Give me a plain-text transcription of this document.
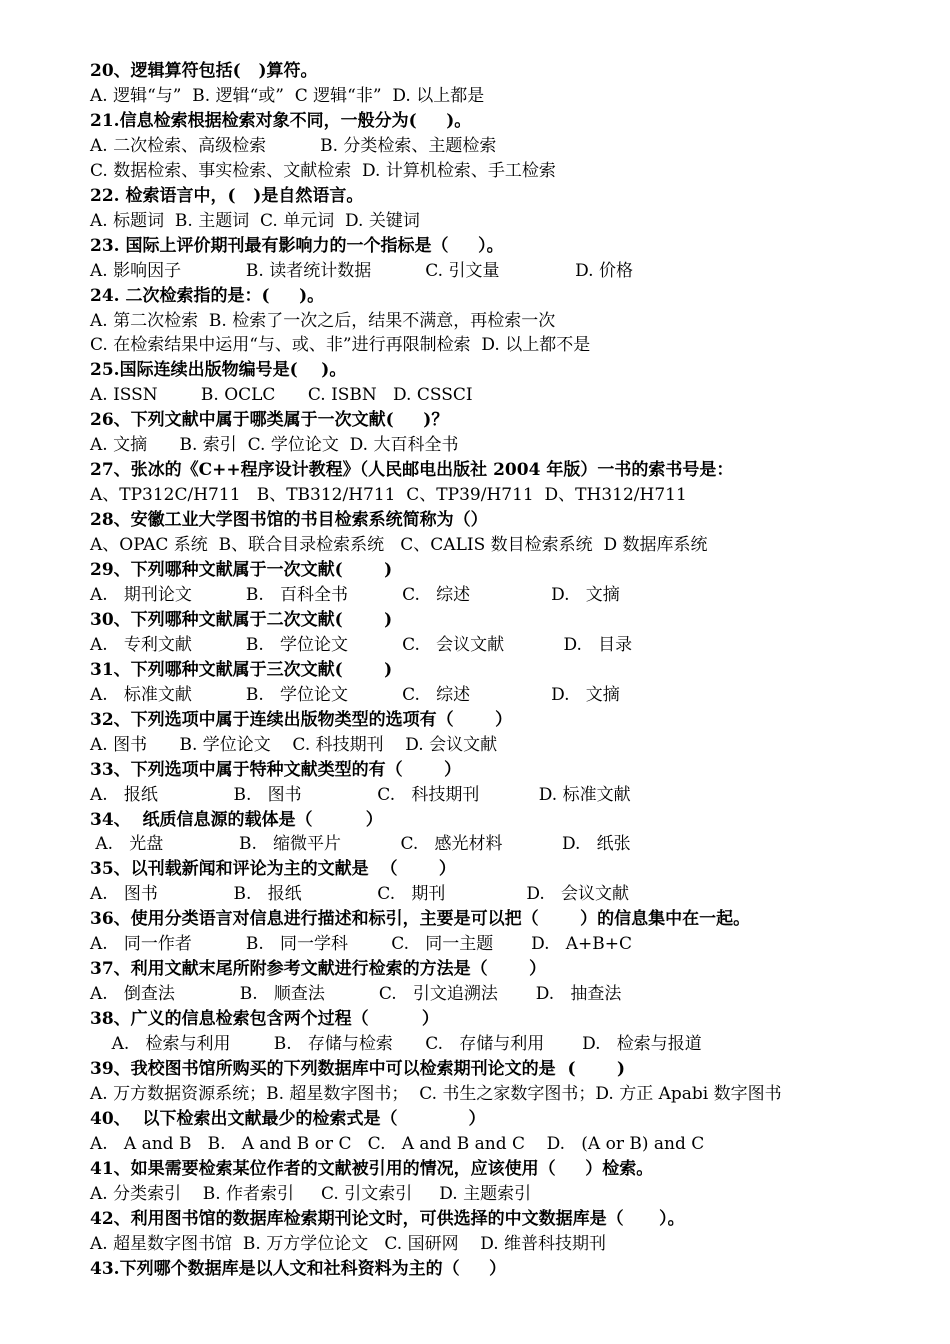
20、逻辑算符包括(   )算符。
A. 逻辑“与”  B. 逻辑“或”  C 逻辑“非”  D. 以上都是
21.信息检索根据检索对象不同，一般分为(     )。
A. 二次检索、高级检索          B. 分类检索、主题检索
C. 数据检索、事实检索、文献检索  D. 计算机检索、手工检索
22. 检索语言中，(   )是自然语言。
A. 标题词  B. 主题词  C. 单元词  D. 关键词
23. 国际上评价期刊最有影响力的一个指标是（     ）。
A. 影响因子            B. 读者统计数据          C. 引文量              D. 价格
24. 二次检索指的是：(     )。
A. 第二次检索  B. 检索了一次之后，结果不满意，再检索一次
C. 在检索结果中运用“与、或、非”进行再限制检索  D. 以上都不是
25.国际连续出版物编号是(    )。
A. ISSN        B. OCLC      C. ISBN   D. CSSCI
26、下列文献中属于哪类属于一次文献(     )？
A. 文摘      B. 索引  C. 学位论文  D. 大百科全书
27、张冰的《C++程序设计教程》（人民邮电出版社 2004 年版）一书的索书号是：
A、TP312C/H711   B、TB312/H711  C、TP39/H711  D、TH312/H711
28、安徽工业大学图书馆的书目检索系统简称为（）
A、OPAC 系统  B、联合目录检索系统   C、CALIS 数目检索系统  D 数据库系统
29、下列哪种文献属于一次文献(       )
A.   期刊论文          B.   百科全书          C.   综述               D.   文摘
30、下列哪种文献属于二次文献(       )
A.   专利文献          B.   学位论文          C.   会议文献           D.   目录
31、下列哪种文献属于三次文献(       )
A.   标准文献          B.   学位论文          C.   综述               D.   文摘
32、下列选项中属于连续出版物类型的选项有（       ）
A. 图书      B. 学位论文    C. 科技期刊    D. 会议文献
33、下列选项中属于特种文献类型的有（       ）
A.   报纸              B.   图书              C.   科技期刊           D. 标准文献
34、  纸质信息源的载体是（         ）
A.   光盘              B.   缩微平片           C.   感光材料           D.   纸张
35、以刊载新闻和评论为主的文献是  （       ）
A.   图书              B.   报纸              C.   期刊               D.   会议文献
36、使用分类语言对信息进行描述和标引，主要是可以把（       ）的信息集中在一起。
A.   同一作者          B.   同一学科        C.   同一主题       D.   A+B+C
37、利用文献末尾所附参考文献进行检索的方法是（       ）
A.   倒查法            B.   顺查法          C.   引文追溯法       D.   抽查法
38、广义的信息检索包含两个过程（         ）
A.   检索与利用        B.   存储与检索      C.   存储与利用       D.   检索与报道
39、我校图书馆所购买的下列数据库中可以检索期刊论文的是  (       )
A. 万方数据资源系统；B. 超星数字图书；  C. 书生之家数字图书；D. 方正 Apabi 数字图书
40、  以下检索出文献最少的检索式是（            ）
A.   A and B   B.   A and B or C   C.   A and B and C    D.   (A or B) and C
41、如果需要检索某位作者的文献被引用的情况，应该使用（     ）检索。
A. 分类索引    B. 作者索引     C. 引文索引     D. 主题索引
42、利用图书馆的数据库检索期刊论文时，可供选择的中文数据库是（      ）。
A. 超星数字图书馆  B. 万方学位论文   C. 国研网    D. 维普科技期刊
43.下列哪个数据库是以人文和社科资料为主的（     ）
